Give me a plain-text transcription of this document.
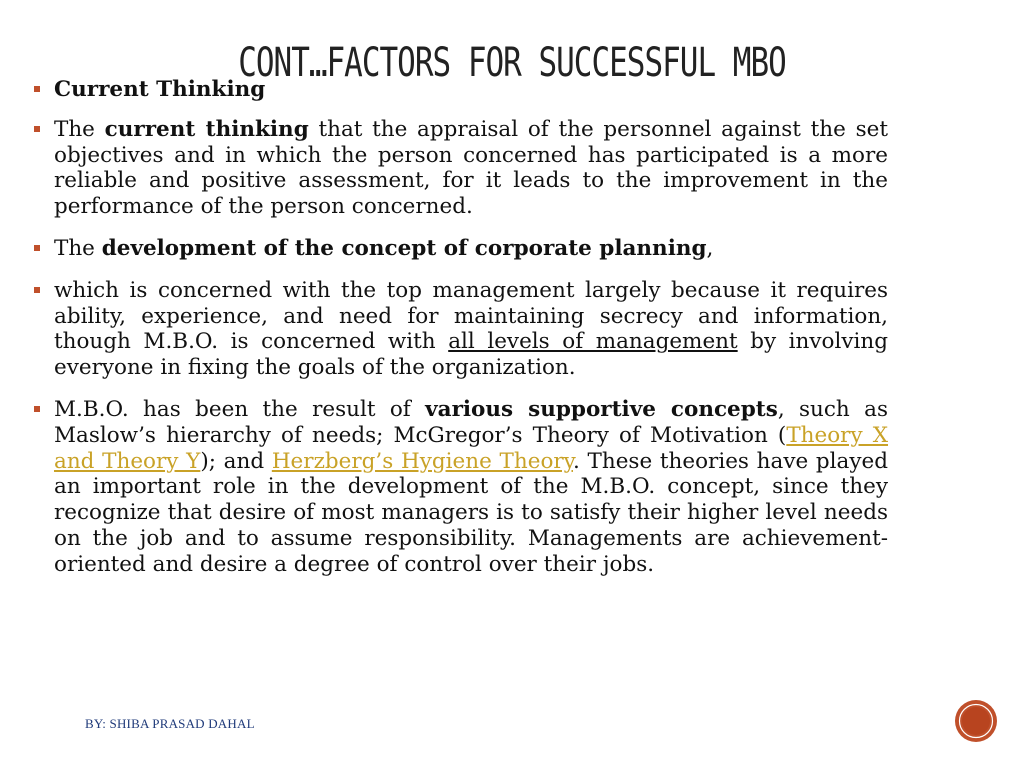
CONT…FACTORS FOR SUCCESSFUL MBO

Current Thinking

The current thinking that the appraisal of the personnel against the set objectives and in which the person concerned has participated is a more reliable and positive assessment, for it leads to the improvement in the performance of the person concerned.

The development of the concept of corporate planning,

which is concerned with the top management largely because it requires ability, experience, and need for maintaining secrecy and information, though M.B.O. is concerned with all levels of management by involving everyone in fixing the goals of the organization.

M.B.O. has been the result of various supportive concepts, such as Maslow’s hierarchy of needs; McGregor’s Theory of Motivation (Theory X and Theory Y); and Herzberg’s Hygiene Theory. These theories have played an important role in the development of the M.B.O. concept, since they recognize that desire of most managers is to satisfy their higher level needs on the job and to assume responsibility. Managements are achievement-oriented and desire a degree of control over their jobs.

BY: SHIBA PRASAD DAHAL
